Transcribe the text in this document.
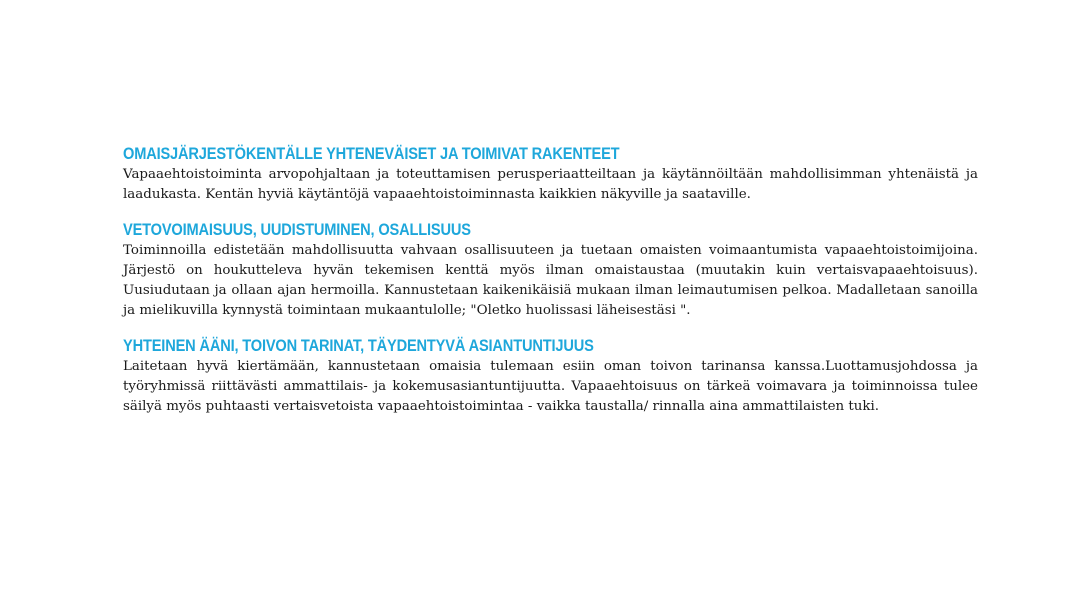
OMAISJÄRJESTÖKENTÄLLE YHTENEVÄISET JA TOIMIVAT RAKENTEET

Vapaaehtoistoiminta arvopohjaltaan ja toteuttamisen perusperiaatteiltaan ja käytännöiltään mahdollisimman yhtenäistä ja laadukasta. Kentän hyviä käytäntöjä vapaaehtoistoiminnasta kaikkien näkyville ja saataville.

VETOVOIMAISUUS, UUDISTUMINEN, OSALLISUUS

Toiminnoilla edistetään mahdollisuutta vahvaan osallisuuteen ja tuetaan omaisten voimaantumista vapaaehtoistoimijoina. Järjestö on houkutteleva hyvän tekemisen kenttä myös ilman omaistaustaa (muutakin kuin vertaisvapaaehtoisuus). Uusiudutaan ja ollaan ajan hermoilla. Kannustetaan kaikenikäisiä mukaan ilman leimautumisen pelkoa. Madalletaan sanoilla ja mielikuvilla kynnystä toimintaan mukaantulolle; "Oletko huolissasi läheisestäsi ".

YHTEINEN ÄÄNI, TOIVON TARINAT, TÄYDENTYVÄ ASIANTUNTIJUUS

Laitetaan hyvä kiertämään, kannustetaan omaisia tulemaan esiin oman toivon tarinansa kanssa.Luottamusjohdossa ja työryhmissä riittävästi ammattilais- ja kokemusasiantuntijuutta. Vapaaehtoisuus on tärkeä voimavara ja toiminnoissa tulee säilyä myös puhtaasti vertaisvetoista vapaaehtoistoimintaa - vaikka taustalla/ rinnalla aina ammattilaisten tuki.
